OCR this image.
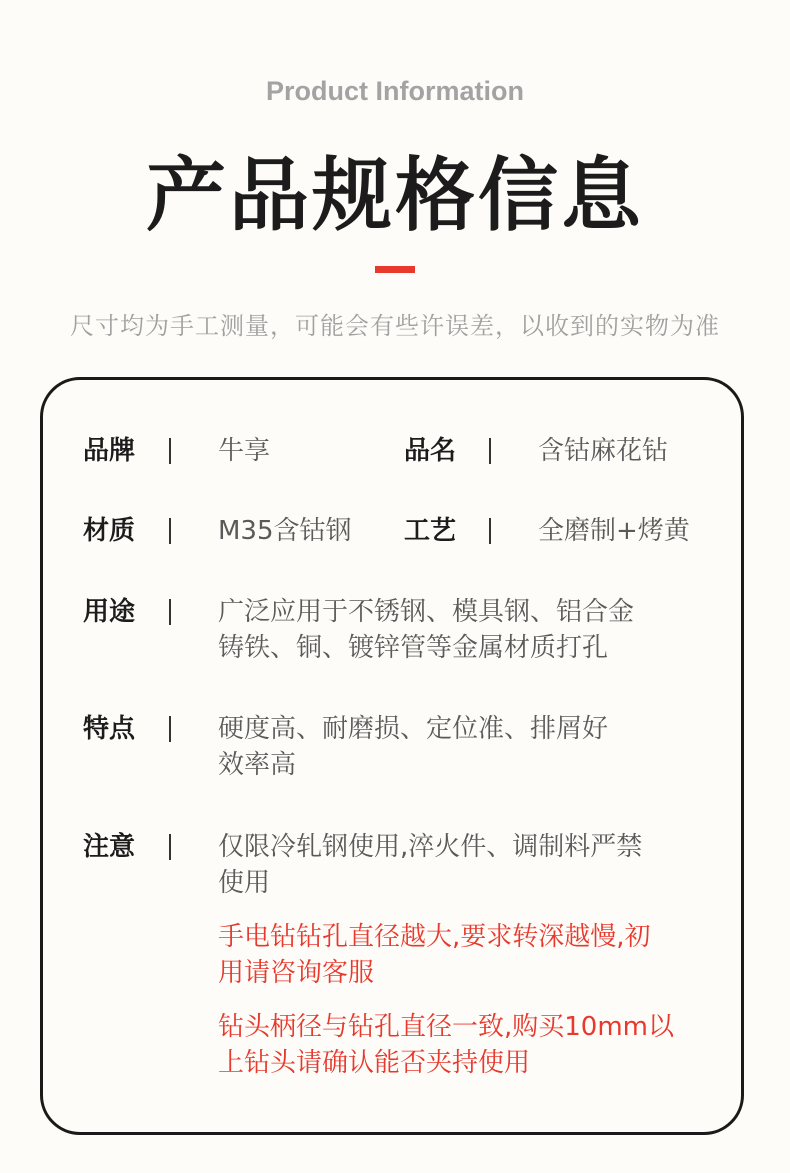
Product Information
产品规格信息
尺寸均为手工测量，可能会有些许误差，以收到的实物为准
品牌	牛享	品名	含钴麻花钻
材质	M35含钴钢 工艺	全磨制+烤黄
用途	广泛应用于不锈钢、模具钢、铝合金
铸铁、铜、镀锌管等金属材质打孔
特点	硬度高、耐磨损、定位准、排屑好
效率高
注意	仅限冷轧钢使用,淬火件、调制料严禁
使用
手电钻钻孔直径越大,要求转深越慢,初
用请咨询客服
钻头柄径与钻孔直径一致,购买10mm以
上钻头请确认能否夹持使用
